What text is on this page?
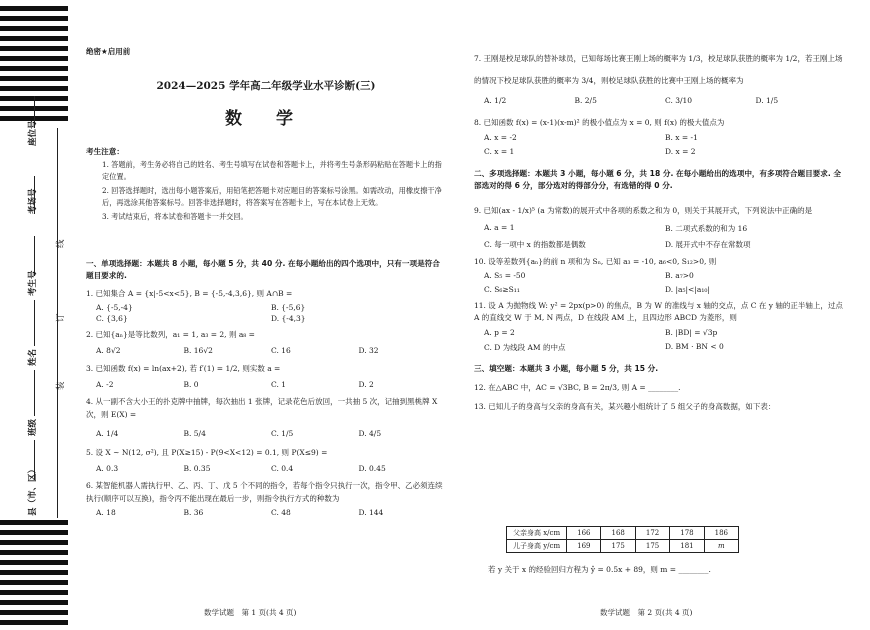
座位号
考场号
考生号
姓名
班级
县（市、区）
线
订
装
绝密★启用前
2024—2025 学年高二年级学业水平诊断(三)
数 学
考生注意：
1. 答题前，考生务必将自己的姓名、考生号填写在试卷和答题卡上，并将考生号条形码粘贴在答题卡上的指定位置。
2. 回答选择题时，选出每小题答案后，用铅笔把答题卡对应题目的答案标号涂黑。如需改动，用橡皮擦干净后，再选涂其他答案标号。回答非选择题时，将答案写在答题卡上，写在本试卷上无效。
3. 考试结束后，将本试卷和答题卡一并交回。
一、单项选择题：本题共 8 小题，每小题 5 分，共 40 分. 在每小题给出的四个选项中，只有一项是符合题目要求的.
1. 已知集合 A = {x|-5<x<5}, B = {-5,-4,3,6}, 则 A∩B =
A. {-5,-4}	B. {-5,6}
C. {3,6}	D. {-4,3}
2. 已知{aₙ}是等比数列，a₁ = 1, a₃ = 2, 则 a₈ =
A. 8√2	B. 16√2	C. 16	D. 32
3. 已知函数 f(x) = ln(ax+2), 若 f′(1) = 1/2, 则实数 a =
A. -2	B. 0	C. 1	D. 2
4. 从一副不含大小王的扑克牌中抽牌，每次抽出 1 张牌，记录花色后放回，一共抽 5 次，记抽到黑桃牌 X 次，则 E(X) =
A. 1/4	B. 5/4	C. 1/5	D. 4/5
5. 设 X ~ N(12, σ²), 且 P(X≥15) - P(9<X<12) = 0.1, 则 P(X≤9) =
A. 0.3	B. 0.35	C. 0.4	D. 0.45
6. 某智能机器人需执行甲、乙、丙、丁、戊 5 个不同的指令，若每个指令只执行一次，指令甲、乙必须连续执行(顺序可以互换)，指令丙不能出现在最后一步，则指令执行方式的种数为
A. 18	B. 36	C. 48	D. 144
7. 王刚是校足球队的替补球员，已知每场比赛王刚上场的概率为 1/3，校足球队获胜的概率为 1/2，若王刚上场的情况下校足球队获胜的概率为 3/4，则校足球队获胜的比赛中王刚上场的概率为
A. 1/2	B. 2/5	C. 3/10	D. 1/5
8. 已知函数 f(x) = (x-1)(x-m)² 的极小值点为 x = 0, 则 f(x) 的极大值点为
A. x = -2	B. x = -1
C. x = 1	D. x = 2
二、多项选择题：本题共 3 小题，每小题 6 分，共 18 分. 在每小题给出的选项中，有多项符合题目要求. 全部选对的得 6 分，部分选对的得部分分，有选错的得 0 分.
9. 已知(ax - 1/x)⁵ (a 为常数)的展开式中各项的系数之和为 0，则关于其展开式，下列说法中正确的是
A. a = 1	B. 二项式系数的和为 16
C. 每一项中 x 的指数都是偶数	D. 展开式中不存在常数项
10. 设等差数列{aₙ}的前 n 项和为 Sₙ, 已知 a₃ = -10, a₆<0, S₁₂>0, 则
A. S₅ = -50	B. a₇>0
C. S₆≥S₁₁	D. |a₅|<|a₁₀|
11. 设 A 为抛物线 W: y² = 2px(p>0) 的焦点，B 为 W 的准线与 x 轴的交点，点 C 在 y 轴的正半轴上，过点 A 的直线交 W 于 M, N 两点，D 在线段 AM 上，且四边形 ABCD 为菱形，则
A. p = 2	B. |BD| = √3p
C. D 为线段 AM 的中点	D. BM · BN < 0
三、填空题：本题共 3 小题，每小题 5 分，共 15 分.
12. 在△ABC 中，AC = √3BC, B = 2π/3, 则 A = ________.
13. 已知儿子的身高与父亲的身高有关，某兴趣小组统计了 5 组父子的身高数据，如下表：
父亲身高 x/cm	166	168	172	178	186
儿子身高 y/cm	169	175	175	181	m
若 y 关于 x 的经验回归方程为 ŷ = 0.5x + 89，则 m = ________.
数学试题　第 1 页(共 4 页)	数学试题　第 2 页(共 4 页)
